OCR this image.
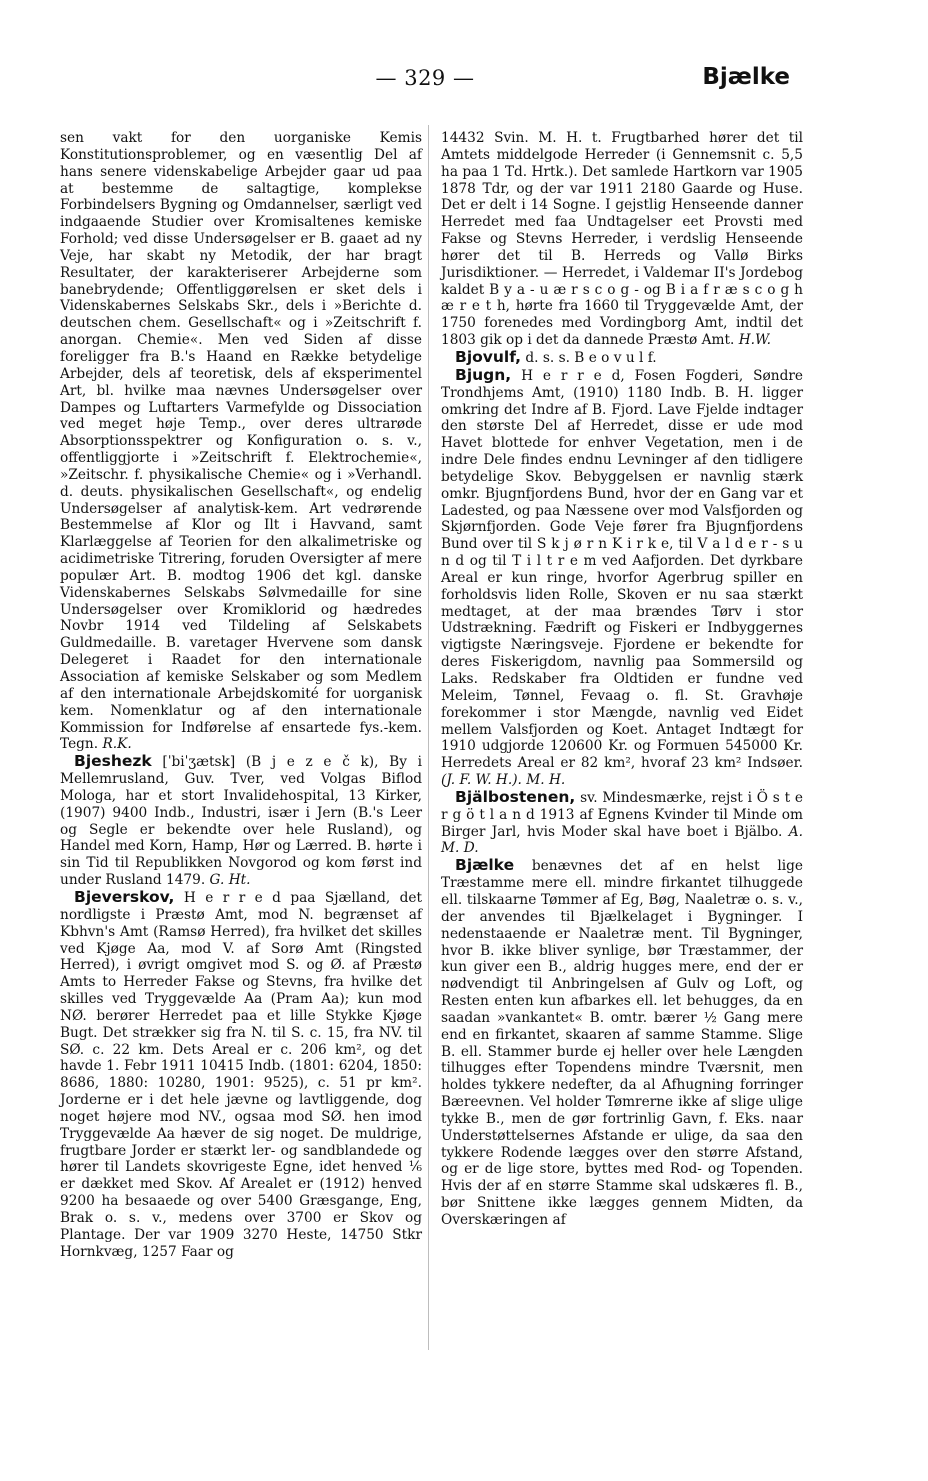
— 329 —	Bjælke

sen vakt for den uorganiske Kemis Konstitutionsproblemer, og en væsentlig Del af hans senere videnskabelige Arbejder gaar ud paa at bestemme de saltagtige, komplekse Forbindelsers Bygning og Omdannelser, særligt ved indgaaende Studier over Kromisaltenes kemiske Forhold; ved disse Undersøgelser er B. gaaet ad ny Veje, har skabt ny Metodik, der har bragt Resultater, der karakteriserer Arbejderne som banebrydende; Offentliggørelsen er sket dels i Videnskabernes Selskabs Skr., dels i »Berichte d. deutschen chem. Gesellschaft« og i »Zeitschrift f. anorgan. Chemie«. Men ved Siden af disse foreligger fra B.'s Haand en Række betydelige Arbejder, dels af teoretisk, dels af eksperimentel Art, bl. hvilke maa nævnes Undersøgelser over Dampes og Luftarters Varmefylde og Dissociation ved meget høje Temp., over deres ultrarøde Absorptionsspektrer og Konfiguration o. s. v., offentliggjorte i »Zeitschrift f. Elektrochemie«, »Zeitschr. f. physikalische Chemie« og i »Verhandl. d. deuts. physikalischen Gesellschaft«, og endelig Undersøgelser af analytisk-kem. Art vedrørende Bestemmelse af Klor og Ilt i Havvand, samt Klarlæggelse af Teorien for den alkalimetriske og acidimetriske Titrering, foruden Oversigter af mere populær Art. B. modtog 1906 det kgl. danske Videnskabernes Selskabs Sølvmedaille for sine Undersøgelser over Kromiklorid og hædredes Novbr 1914 ved Tildeling af Selskabets Guldmedaille. B. varetager Hvervene som dansk Delegeret i Raadet for den internationale Association af kemiske Selskaber og som Medlem af den internationale Arbejdskomité for uorganisk kem. Nomenklatur og af den internationale Kommission for Indførelse af ensartede fys.-kem. Tegn. R.K.

Bjeshezk [ˈbiˈʒætsk] (B j e z e č k), By i Mellemrusland, Guv. Tver, ved Volgas Biflod Mologa, har et stort Invalidehospital, 13 Kirker, (1907) 9400 Indb., Industri, især i Jern (B.'s Leer og Segle er bekendte over hele Rusland), og Handel med Korn, Hamp, Hør og Lærred. B. hørte i sin Tid til Republikken Novgorod og kom først ind under Rusland 1479. G. Ht.

Bjeverskov, H e r r e d paa Sjælland, det nordligste i Præstø Amt, mod N. begrænset af Kbhvn's Amt (Ramsø Herred), fra hvilket det skilles ved Kjøge Aa, mod V. af Sorø Amt (Ringsted Herred), i øvrigt omgivet mod S. og Ø. af Præstø Amts to Herreder Fakse og Stevns, fra hvilke det skilles ved Tryggevælde Aa (Pram Aa); kun mod NØ. berører Herredet paa et lille Stykke Kjøge Bugt. Det strækker sig fra N. til S. c. 15, fra NV. til SØ. c. 22 km. Dets Areal er c. 206 km², og det havde 1. Febr 1911 10415 Indb. (1801: 6204, 1850: 8686, 1880: 10280, 1901: 9525), c. 51 pr km². Jorderne er i det hele jævne og lavtliggende, dog noget højere mod NV., ogsaa mod SØ. hen imod Tryggevælde Aa hæver de sig noget. De muldrige, frugtbare Jorder er stærkt ler- og sandblandede og hører til Landets skovrigeste Egne, idet henved ⅙ er dækket med Skov. Af Arealet er (1912) henved 9200 ha besaaede og over 5400 Græsgange, Eng, Brak o. s. v., medens over 3700 er Skov og Plantage. Der var 1909 3270 Heste, 14750 Stkr Hornkvæg, 1257 Faar og

14432 Svin. M. H. t. Frugtbarhed hører det til Amtets middelgode Herreder (i Gennemsnit c. 5,5 ha paa 1 Td. Hrtk.). Det samlede Hartkorn var 1905 1878 Tdr, og der var 1911 2180 Gaarde og Huse. Det er delt i 14 Sogne. I gejstlig Henseende danner Herredet med faa Undtagelser eet Provsti med Fakse og Stevns Herreder, i verdslig Henseende hører det til B. Herreds og Vallø Birks Jurisdiktioner. — Herredet, i Valdemar II's Jordebog kaldet B y a - u æ r s c o g - og B i a f r æ s c o g h æ r e t h, hørte fra 1660 til Tryggevælde Amt, der 1750 forenedes med Vordingborg Amt, indtil det 1803 gik op i det da dannede Præstø Amt. H.W.

Bjovulf, d. s. s. B e o v u l f.

Bjugn, H e r r e d, Fosen Fogderi, Søndre Trondhjems Amt, (1910) 1180 Indb. B. H. ligger omkring det Indre af B. Fjord. Lave Fjelde indtager den største Del af Herredet, disse er ude mod Havet blottede for enhver Vegetation, men i de indre Dele findes endnu Levninger af den tidligere betydelige Skov. Bebyggelsen er navnlig stærk omkr. Bjugnfjordens Bund, hvor der en Gang var et Ladested, og paa Næssene over mod Valsfjorden og Skjørnfjorden. Gode Veje fører fra Bjugnfjordens Bund over til S k j ø r n K i r k e, til V a l d e r - s u n d og til T i l t r e m ved Aafjorden. Det dyrkbare Areal er kun ringe, hvorfor Agerbrug spiller en forholdsvis liden Rolle, Skoven er nu saa stærkt medtaget, at der maa brændes Tørv i stor Udstrækning. Fædrift og Fiskeri er Indbyggernes vigtigste Næringsveje. Fjordene er bekendte for deres Fiskerigdom, navnlig paa Sommersild og Laks. Redskaber fra Oldtiden er fundne ved Meleim, Tønnel, Fevaag o. fl. St. Gravhøje forekommer i stor Mængde, navnlig ved Eidet mellem Valsfjorden og Koet. Antaget Indtægt for 1910 udgjorde 120600 Kr. og Formuen 545000 Kr. Herredets Areal er 82 km², hvoraf 23 km² Indsøer. (J. F. W. H.). M. H.

Bjälbostenen, sv. Mindesmærke, rejst i Ö s t e r g ö t l a n d 1913 af Egnens Kvinder til Minde om Birger Jarl, hvis Moder skal have boet i Bjälbo. A. M. D.

Bjælke benævnes det af en helst lige Træstamme mere ell. mindre firkantet tilhuggede ell. tilskaarne Tømmer af Eg, Bøg, Naaletræ o. s. v., der anvendes til Bjælkelaget i Bygninger. I nedenstaaende er Naaletræ ment. Til Bygninger, hvor B. ikke bliver synlige, bør Træstammer, der kun giver een B., aldrig hugges mere, end der er nødvendigt til Anbringelsen af Gulv og Loft, og Resten enten kun afbarkes ell. let behugges, da en saadan »vankantet« B. omtr. bærer ½ Gang mere end en firkantet, skaaren af samme Stamme. Slige B. ell. Stammer burde ej heller over hele Længden tilhugges efter Topendens mindre Tværsnit, men holdes tykkere nedefter, da al Afhugning forringer Bæreevnen. Vel holder Tømrerne ikke af slige ulige tykke B., men de gør fortrinlig Gavn, f. Eks. naar Understøttelsernes Afstande er ulige, da saa den tykkere Rodende lægges over den større Afstand, og er de lige store, byttes med Rod- og Topenden. Hvis der af en større Stamme skal udskæres fl. B., bør Snittene ikke lægges gennem Midten, da Overskæringen af
